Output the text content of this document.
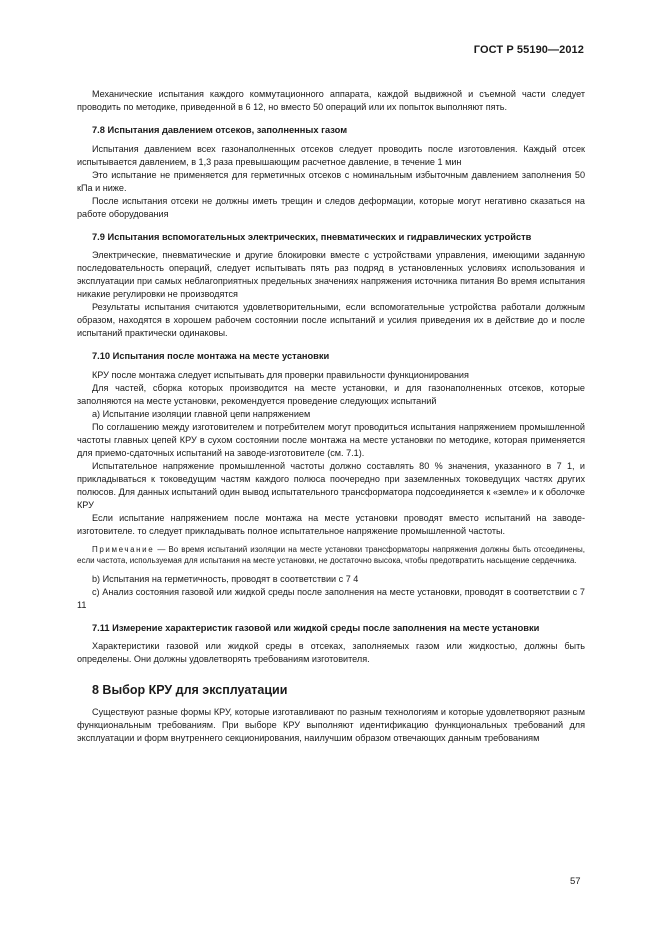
ГОСТ Р 55190—2012

Механические испытания каждого коммутационного аппарата, каждой выдвижной и съемной части следует проводить по методике, приведенной в 6 12, но вместо 50 операций или их попыток выполняют пять.

7.8 Испытания давлением отсеков, заполненных газом

Испытания давлением всех газонаполненных отсеков следует проводить после изготовления. Каждый отсек испытывается давлением, в 1,3 раза превышающим расчетное давление, в течение 1 мин

Это испытание не применяется для герметичных отсеков с номинальным избыточным давлением заполнения 50 кПа и ниже.

После испытания отсеки не должны иметь трещин и следов деформации, которые могут негативно сказаться на работе оборудования

7.9 Испытания вспомогательных электрических, пневматических и гидравлических устройств

Электрические, пневматические и другие блокировки вместе с устройствами управления, имеющими заданную последовательность операций, следует испытывать пять раз подряд в установленных условиях использования и эксплуатации при самых неблагоприятных предельных значениях напряжения источника питания Во время испытания никакие регулировки не производятся

Результаты испытания считаются удовлетворительными, если вспомогательные устройства работали должным образом, находятся в хорошем рабочем состоянии после испытаний и усилия приведения их в действие до и после испытаний практически одинаковы.

7.10 Испытания после монтажа на месте установки

КРУ после монтажа следует испытывать для проверки правильности функционирования

Для частей, сборка которых производится на месте установки, и для газонаполненных отсеков, которые заполняются на месте установки, рекомендуется проведение следующих испытаний

а) Испытание изоляции главной цепи напряжением

По соглашению между изготовителем и потребителем могут проводиться испытания напряжением промышленной частоты главных цепей КРУ в сухом состоянии после монтажа на месте установки по методике, которая применяется для приемо-сдаточных испытаний на заводе-изготовителе (см. 7.1).

Испытательное напряжение промышленной частоты должно составлять 80 % значения, указанного в 7 1, и прикладываться к токоведущим частям каждого полюса поочередно при заземленных токоведущих частях других полюсов. Для данных испытаний один вывод испытательного трансформатора подсоединяется к «земле» и к оболочке КРУ

Если испытание напряжением после монтажа на месте установки проводят вместо испытаний на заводе-изготовителе. то следует прикладывать полное испытательное напряжение промышленной частоты.

Примечание — Во время испытаний изоляции на месте установки трансформаторы напряжения должны быть отсоединены, если частота, используемая для испытания на месте установки, не достаточно высока, чтобы предотвратить насыщение сердечника.

b) Испытания на герметичность, проводят в соответствии с 7 4

c) Анализ состояния газовой или жидкой среды после заполнения на месте установки, проводят в соответствии с 7 11

7.11 Измерение характеристик газовой или жидкой среды после заполнения на месте установки

Характеристики газовой или жидкой среды в отсеках, заполняемых газом или жидкостью, должны быть определены. Они должны удовлетворять требованиям изготовителя.

8 Выбор КРУ для эксплуатации

Существуют разные формы КРУ, которые изготавливают по разным технологиям и которые удовлетворяют разным функциональным требованиям. При выборе КРУ выполняют идентификацию функциональных требований для эксплуатации и форм внутреннего секционирования, наилучшим образом отвечающих данным требованиям

57
